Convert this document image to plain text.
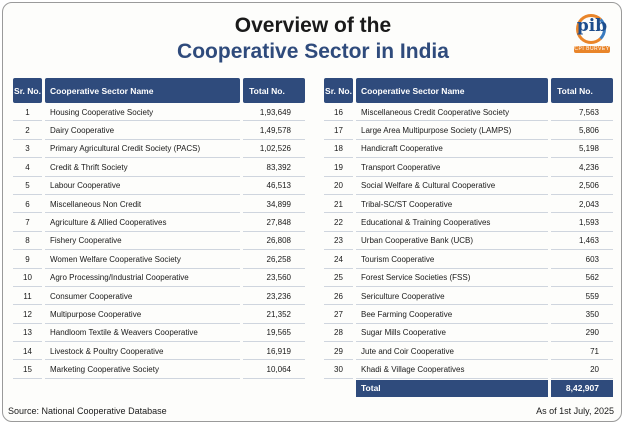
Overview of the
Cooperative Sector in India
pib
CPI BURVEY
Sr. No.	Cooperative Sector Name	Total No.
1	Housing Cooperative Society	1,93,649
2	Dairy Cooperative	1,49,578
3	Primary Agricultural Credit Society (PACS)	1,02,526
4	Credit & Thrift Society	83,392
5	Labour Cooperative	46,513
6	Miscellaneous Non Credit	34,899
7	Agriculture & Allied Cooperatives	27,848
8	Fishery Cooperative	26,808
9	Women Welfare Cooperative Society	26,258
10	Agro Processing/Industrial Cooperative	23,560
11	Consumer Cooperative	23,236
12	Multipurpose Cooperative	21,352
13	Handloom Textile & Weavers Cooperative	19,565
14	Livestock & Poultry Cooperative	16,919
15	Marketing Cooperative Society	10,064
Sr. No.	Cooperative Sector Name	Total No.
16	Miscellaneous Credit Cooperative Society	7,563
17	Large Area Multipurpose Society (LAMPS)	5,806
18	Handicraft Cooperative	5,198
19	Transport Cooperative	4,236
20	Social Welfare & Cultural Cooperative	2,506
21	Tribal-SC/ST Cooperative	2,043
22	Educational & Training Cooperatives	1,593
23	Urban Cooperative Bank (UCB)	1,463
24	Tourism Cooperative	603
25	Forest Service Societies (FSS)	562
26	Sericulture Cooperative	559
27	Bee Farming Cooperative	350
28	Sugar Mills Cooperative	290
29	Jute and Coir Cooperative	71
30	Khadi & Village Cooperatives	20
	Total	8,42,907
Source: National Cooperative Database	As of 1st July, 2025
